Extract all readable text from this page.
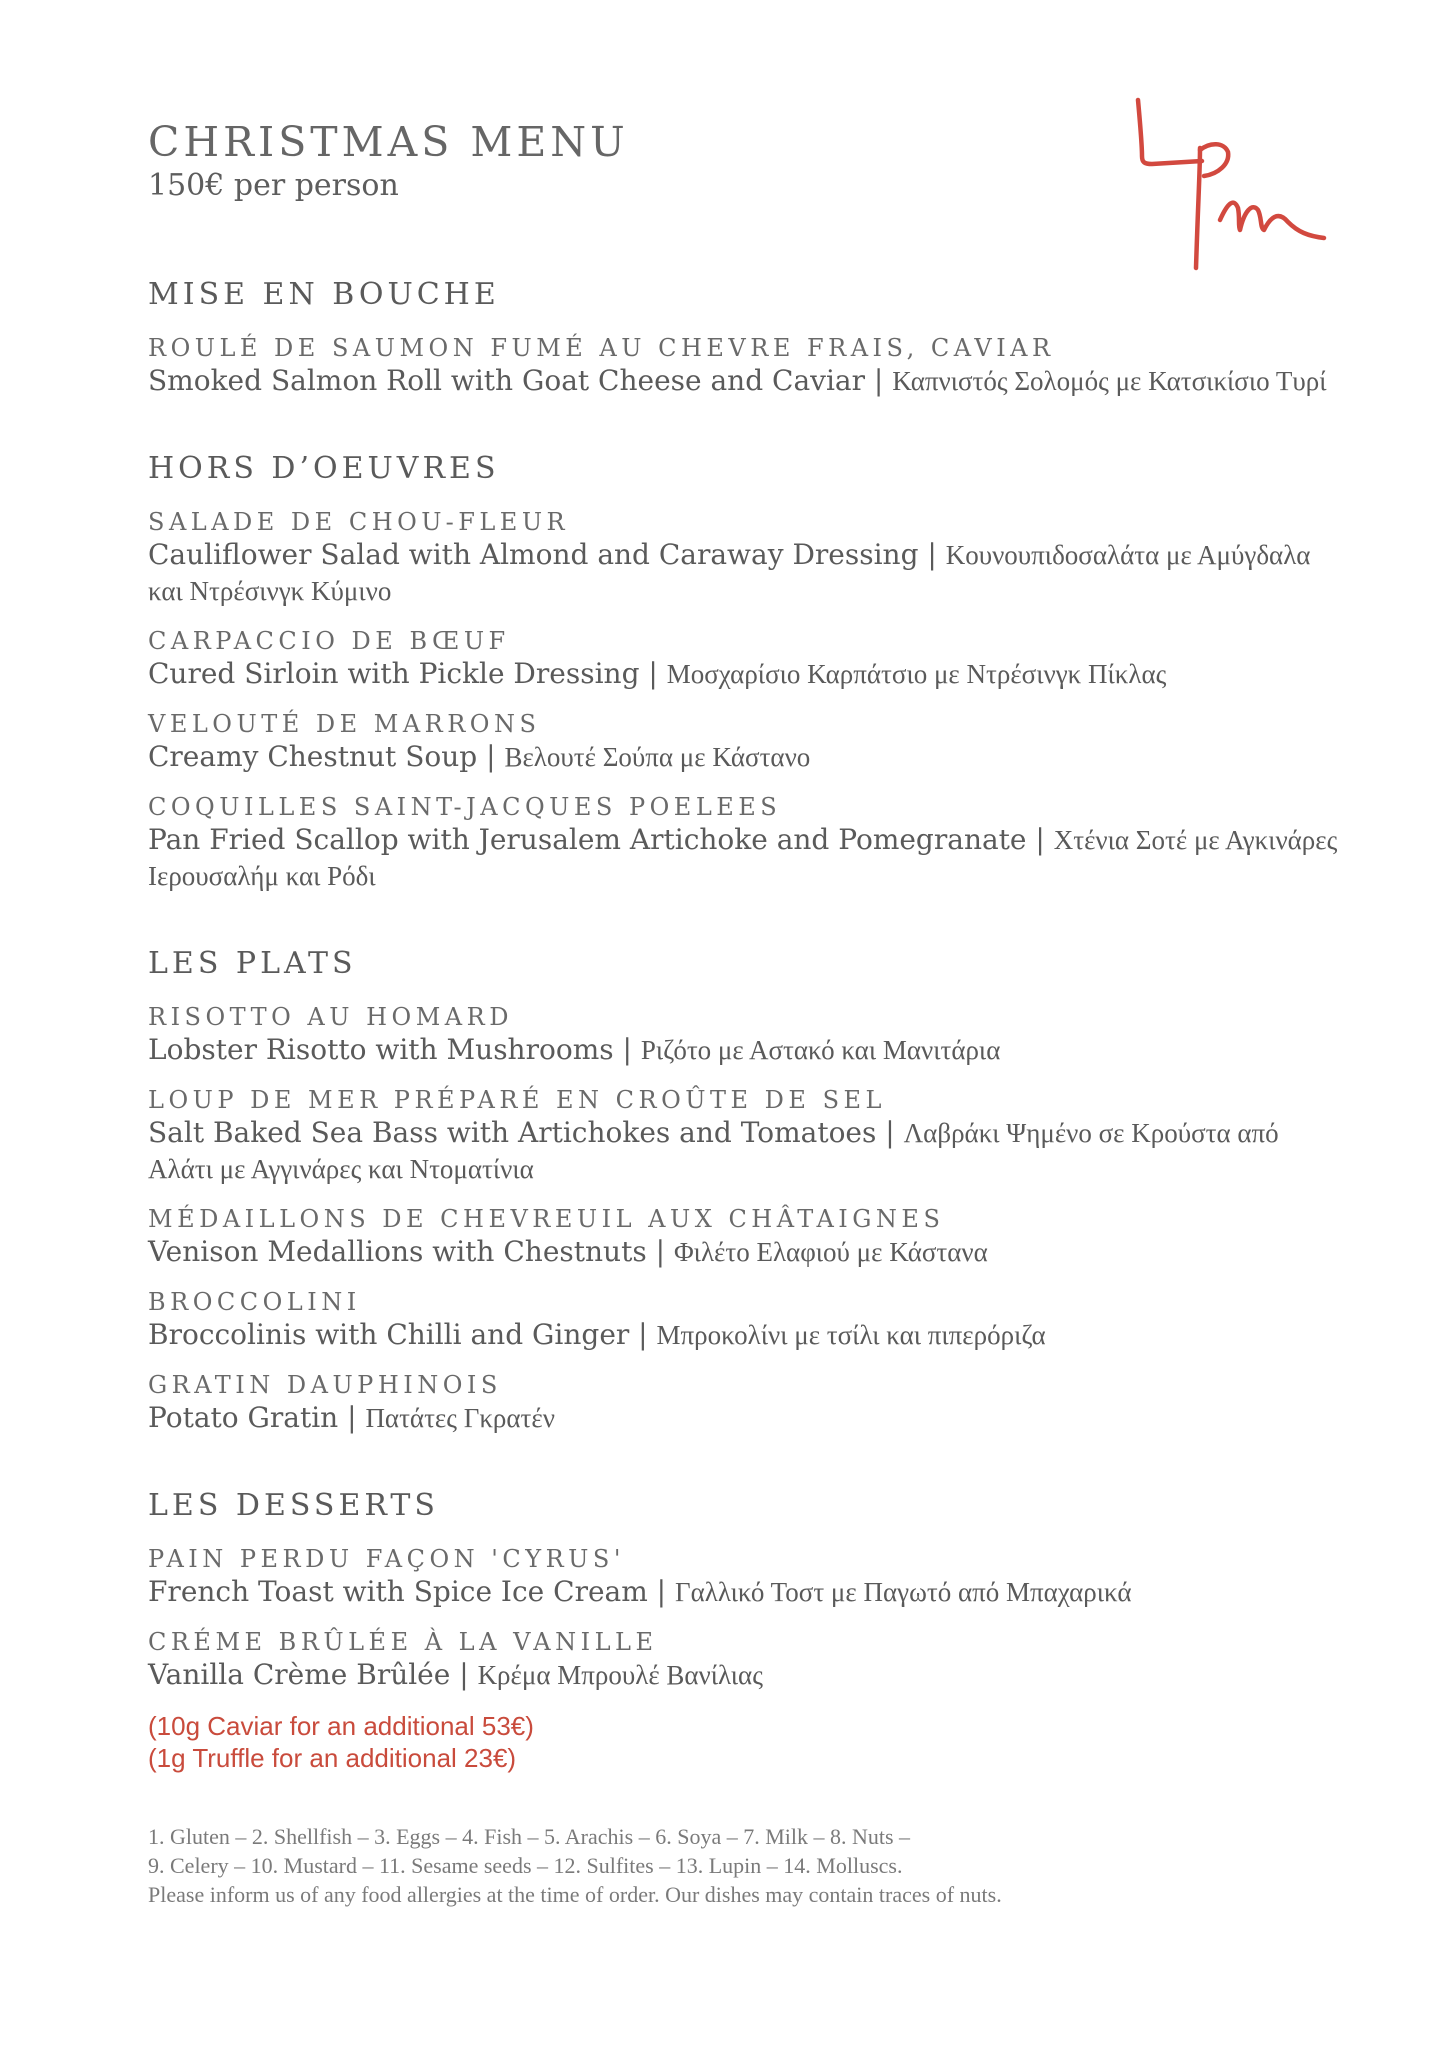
CHRISTMAS MENU
150€ per person
MISE EN BOUCHE
ROULÉ DE SAUMON FUMÉ AU CHEVRE FRAIS, CAVIAR
Smoked Salmon Roll with Goat Cheese and Caviar | Καπνιστός Σολομός με Κατσικίσιο Τυρί
HORS D’OEUVRES
SALADE DE CHOU-FLEUR
Cauliflower Salad with Almond and Caraway Dressing | Κουνουπιδοσαλάτα με Αμύγδαλα και Ντρέσινγκ Κύμινο
CARPACCIO DE BŒUF
Cured Sirloin with Pickle Dressing | Μοσχαρίσιο Καρπάτσιο με Ντρέσινγκ Πίκλας
VELOUTÉ DE MARRONS
Creamy Chestnut Soup | Βελουτέ Σούπα με Κάστανο
COQUILLES SAINT-JACQUES POELEES
Pan Fried Scallop with Jerusalem Artichoke and Pomegranate | Χτένια Σοτέ με Αγκινάρες Ιερουσαλήμ και Ρόδι
LES PLATS
RISOTTO AU HOMARD
Lobster Risotto with Mushrooms | Ριζότο με Αστακό και Μανιτάρια
LOUP DE MER PRÉPARÉ EN CROÛTE DE SEL
Salt Baked Sea Bass with Artichokes and Tomatoes | Λαβράκι Ψημένο σε Κρούστα από Αλάτι με Αγγινάρες και Ντοματίνια
MÉDAILLONS DE CHEVREUIL AUX CHÂTAIGNES
Venison Medallions with Chestnuts | Φιλέτο Ελαφιού με Κάστανα
BROCCOLINI
Broccolinis with Chilli and Ginger | Μπροκολίνι με τσίλι και πιπερόριζα
GRATIN DAUPHINOIS
Potato Gratin | Πατάτες Γκρατέν
LES DESSERTS
PAIN PERDU FAÇON 'CYRUS'
French Toast with Spice Ice Cream | Γαλλικό Τοστ με Παγωτό από Μπαχαρικά
CRÉME BRÛLÉE À LA VANILLE
Vanilla Crème Brûlée | Κρέμα Μπρουλέ Βανίλιας
(10g Caviar for an additional 53€)
(1g Truffle for an additional 23€)
1. Gluten – 2. Shellfish – 3. Eggs – 4. Fish – 5. Arachis – 6. Soya – 7. Milk – 8. Nuts –
9. Celery – 10. Mustard – 11. Sesame seeds – 12. Sulfites – 13. Lupin – 14. Molluscs.
Please inform us of any food allergies at the time of order. Our dishes may contain traces of nuts.
